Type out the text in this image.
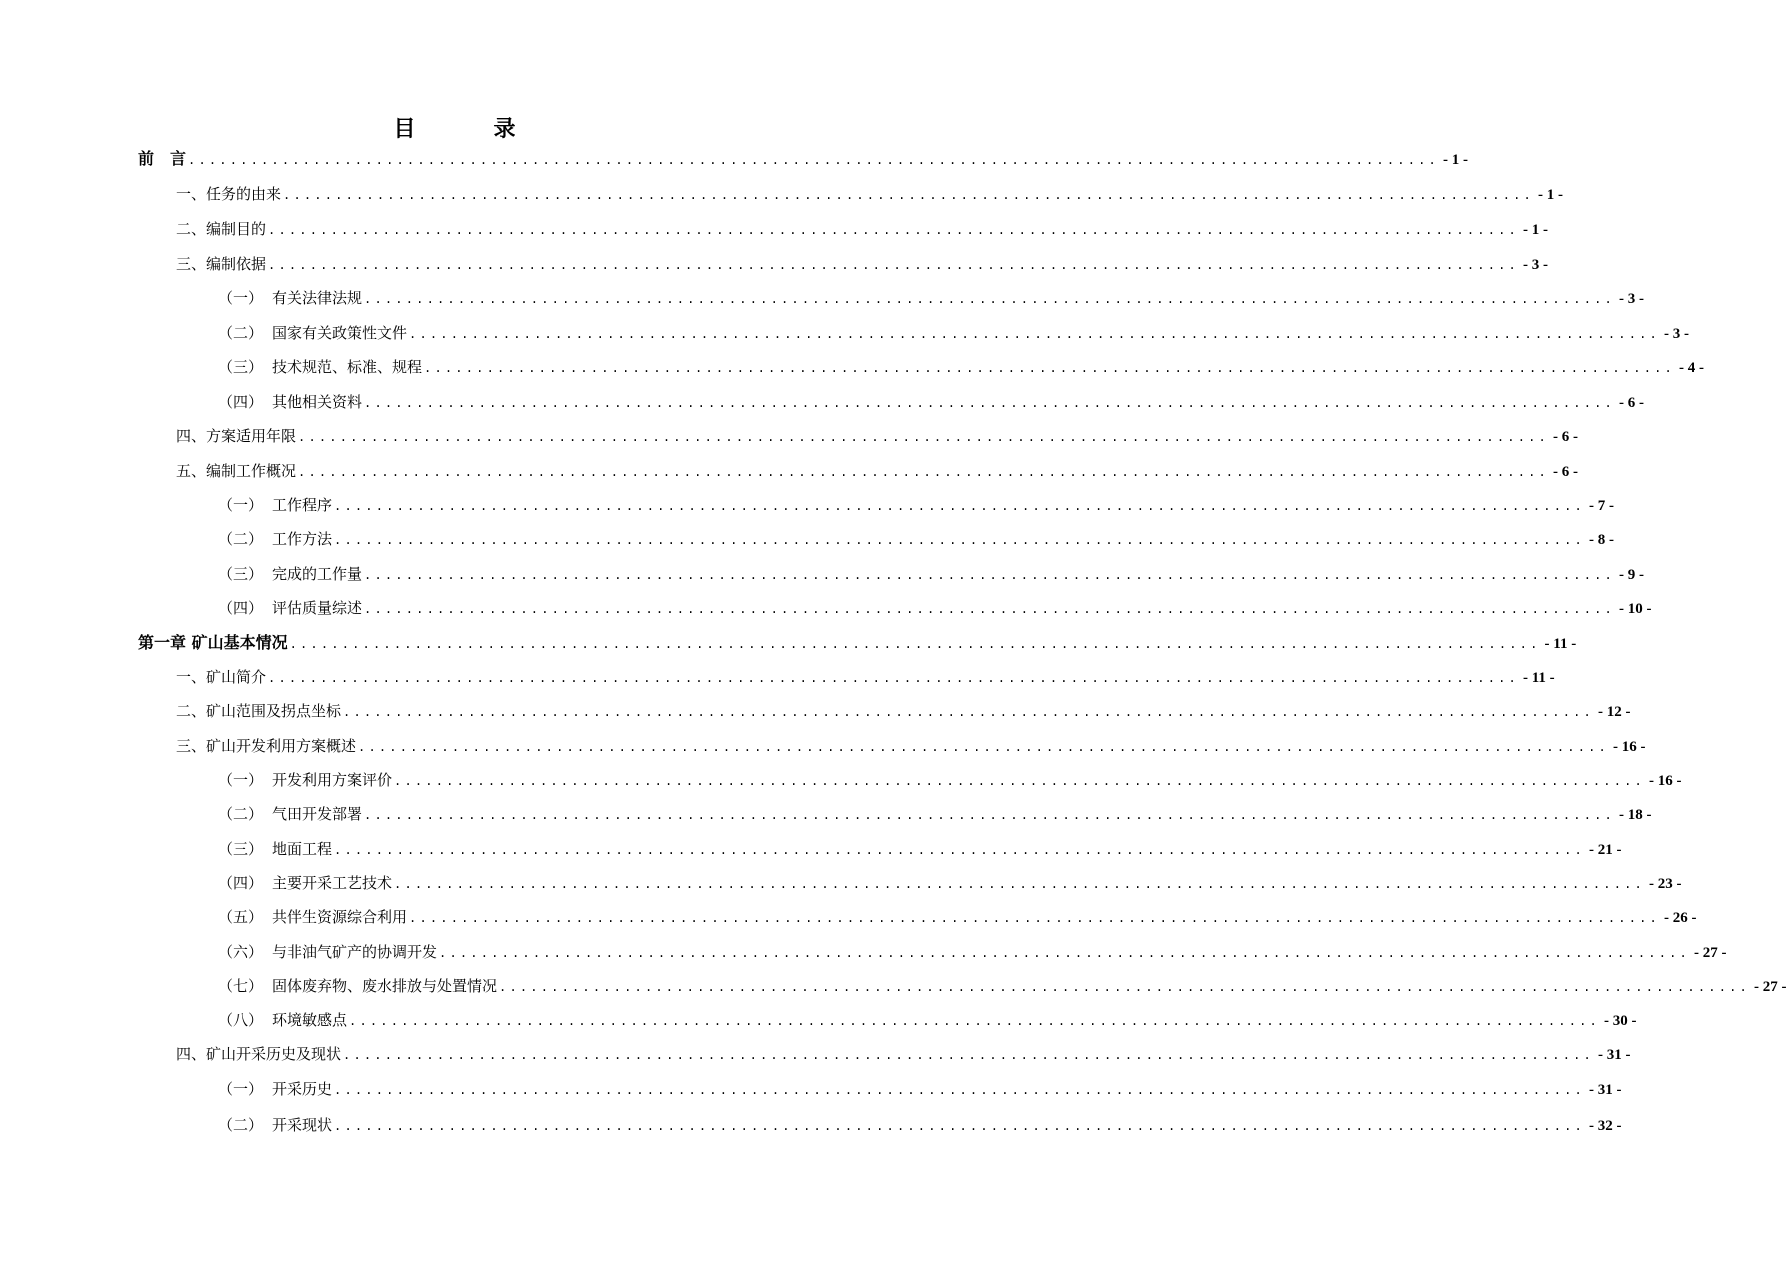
目　录
前　言 ........................................................................................................................ - 1 -
一、任务的由来 ........................................................................................................................ - 1 -
二、编制目的 ........................................................................................................................ - 1 -
三、编制依据 ........................................................................................................................ - 3 -
（一） 有关法律法规 ........................................................................................................................ - 3 -
（二） 国家有关政策性文件 ........................................................................................................................ - 3 -
（三） 技术规范、标准、规程 ........................................................................................................................ - 4 -
（四） 其他相关资料 ........................................................................................................................ - 6 -
四、方案适用年限 ........................................................................................................................ - 6 -
五、编制工作概况 ........................................................................................................................ - 6 -
（一） 工作程序 ........................................................................................................................ - 7 -
（二） 工作方法 ........................................................................................................................ - 8 -
（三） 完成的工作量 ........................................................................................................................ - 9 -
（四） 评估质量综述 ........................................................................................................................ - 10 -
第一章 矿山基本情况 ........................................................................................................................ - 11 -
一、矿山简介 ........................................................................................................................ - 11 -
二、矿山范围及拐点坐标 ........................................................................................................................ - 12 -
三、矿山开发利用方案概述 ........................................................................................................................ - 16 -
（一） 开发利用方案评价 ........................................................................................................................ - 16 -
（二） 气田开发部署 ........................................................................................................................ - 18 -
（三） 地面工程 ........................................................................................................................ - 21 -
（四） 主要开采工艺技术 ........................................................................................................................ - 23 -
（五） 共伴生资源综合利用 ........................................................................................................................ - 26 -
（六） 与非油气矿产的协调开发 ........................................................................................................................ - 27 -
（七） 固体废弃物、废水排放与处置情况 ........................................................................................................................ - 27 -
（八） 环境敏感点 ........................................................................................................................ - 30 -
四、矿山开采历史及现状 ........................................................................................................................ - 31 -
（一） 开采历史 ........................................................................................................................ - 31 -
（二） 开采现状 ........................................................................................................................ - 32 -
